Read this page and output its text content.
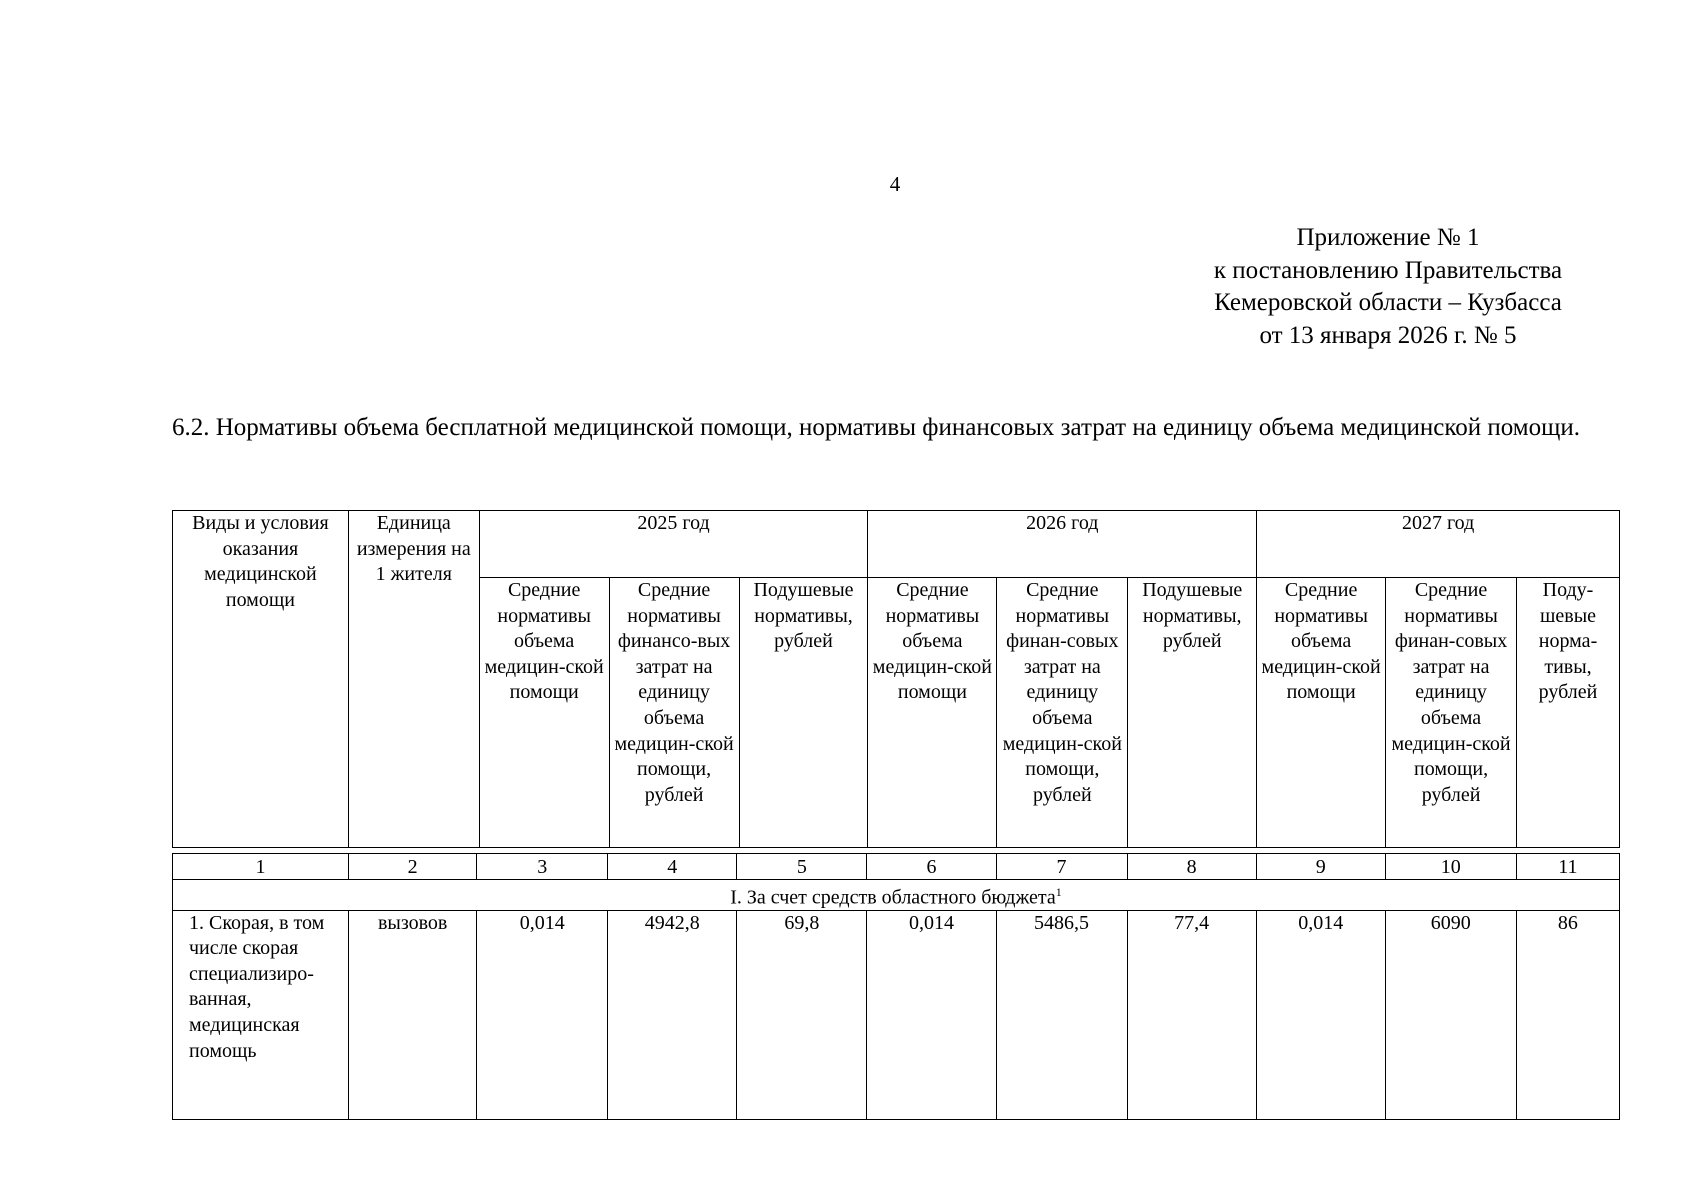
4
Приложение № 1
к постановлению Правительства
Кемеровской области – Кузбасса
от 13 января 2026 г. № 5
6.2. Нормативы объема бесплатной медицинской помощи, нормативы финансовых затрат на единицу объема медицинской помощи.
Виды и условия оказания медицинской помощи	Единица измерения на 1 жителя	2025 год			2026 год			2027 год		
		Средние нормативы объема медицин-ской помощи	Средние нормативы финансо-вых затрат на единицу объема медицин-ской помощи, рублей	Подушевые нормативы, рублей	Средние нормативы объема медицин-ской помощи	Средние нормативы финан-совых затрат на единицу объема медицин-ской помощи, рублей	Подушевые нормативы, рублей	Средние нормативы объема медицин-ской помощи	Средние нормативы финан-совых затрат на единицу объема медицин-ской помощи, рублей	Поду-шевые норма-тивы, рублей
1	2	3	4	5	6	7	8	9	10	11
I. За счет средств областного бюджета$^1$
1. Скорая, в том числе скорая специализиро-ванная, медицинская помощь	вызовов	0,014	4942,8	69,8	0,014	5486,5	77,4	0,014	6090	86
